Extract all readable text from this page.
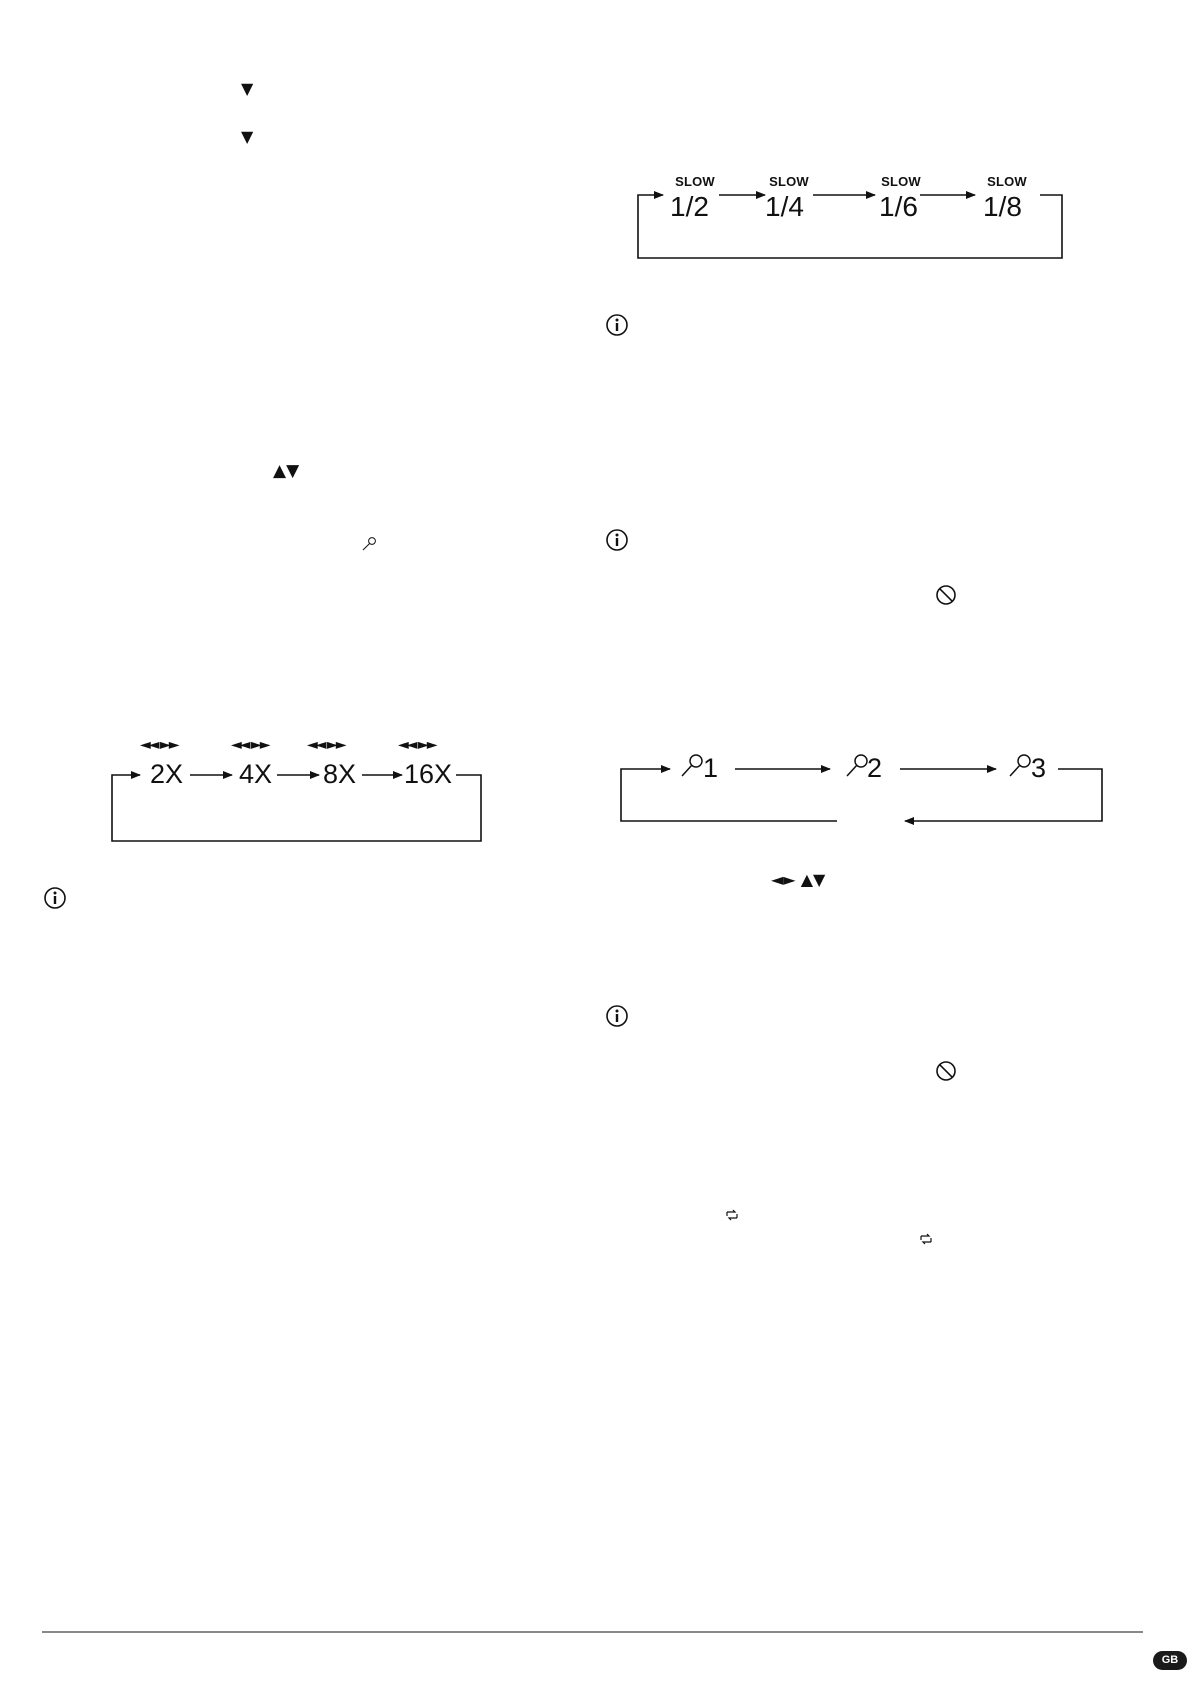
▼
▼
▲▼
SLOW
1/2
SLOW
1/4
SLOW
1/6
SLOW
1/8
◄◄ ►►	◄◄ ►►	◄◄ ►►	◄◄ ►►
2X 4X 8X 16X	1	2	3
◄► ▲▼
GB
